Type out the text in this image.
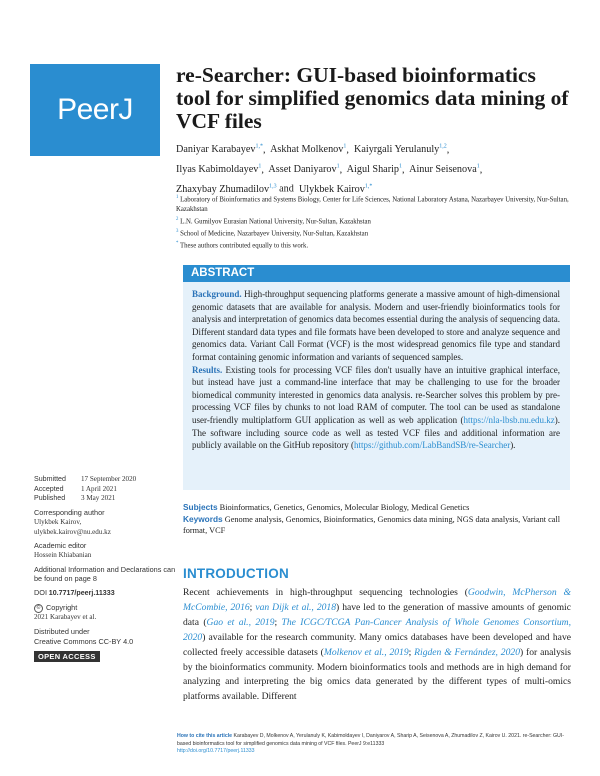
PeerJ
re-Searcher: GUI-based bioinformatics tool for simplified genomics data mining of VCF files
Daniyar Karabayev$^{1,*}$,  Askhat Molkenov$^1$,  Kaiyrgali Yerulanuly$^{1,2}$,
Ilyas Kabimoldayev$^1$,  Asset Daniyarov$^1$,  Aigul Sharip$^1$,  Ainur Seisenova$^1$,
Zhaxybay Zhumadilov$^{1,3}$ and  Ulykbek Kairov$^{1,*}$
$^1$ Laboratory of Bioinformatics and Systems Biology, Center for Life Sciences, National Laboratory Astana, Nazarbayev University, Nur-Sultan, Kazakhstan
$^2$ L.N. Gumilyov Eurasian National University, Nur-Sultan, Kazakhstan
$^3$ School of Medicine, Nazarbayev University, Nur-Sultan, Kazakhstan
* These authors contributed equally to this work.
ABSTRACT

Background. High-throughput sequencing platforms generate a massive amount of high-dimensional genomic datasets that are available for analysis. Modern and user-friendly bioinformatics tools for analysis and interpretation of genomics data becomes essential during the analysis of sequencing data. Different standard data types and file formats have been developed to store and analyze sequence and genomics data. Variant Call Format (VCF) is the most widespread genomics file type and standard format containing genomic information and variants of sequenced samples.

Results. Existing tools for processing VCF files don't usually have an intuitive graphical interface, but instead have just a command-line interface that may be challenging to use for the broader biomedical community interested in genomics data analysis. re-Searcher solves this problem by pre-processing VCF files by chunks to not load RAM of computer. The tool can be used as standalone user-friendly multiplatform GUI application as well as web application (https://nla-lbsb.nu.edu.kz). The software including source code as well as tested VCF files and additional information are publicly available on the GitHub repository (https://github.com/LabBandSB/re-Searcher).

Submitted	17 September 2020
Accepted	1 April 2021
Published	3 May 2021
Corresponding author
Ulykbek Kairov,
ulykbek.kairov@nu.edu.kz
Academic editor
Hossein Khiabanian
Additional Information and Declarations can be found on page 8
DOI 10.7717/peerj.11333
© Copyright
2021 Karabayev et al.
Distributed under
Creative Commons CC-BY 4.0
OPEN ACCESS

Subjects Bioinformatics, Genetics, Genomics, Molecular Biology, Medical Genetics

Keywords Genome analysis, Genomics, Bioinformatics, Genomics data mining, NGS data analysis, Variant call format, VCF

INTRODUCTION
Recent achievements in high-throughput sequencing technologies (Goodwin, McPherson & McCombie, 2016; van Dijk et al., 2018) have led to the generation of massive amounts of genomic data (Gao et al., 2019; The ICGC/TCGA Pan-Cancer Analysis of Whole Genomes Consortium, 2020) available for the research community. Many omics databases have been developed and have collected freely accessible datasets (Molkenov et al., 2019; Rigden & Fernández, 2020) for analysis by the bioinformatics community. Modern bioinformatics tools and methods are in high demand for analyzing and interpreting the big omics data generated by the different types of multi-omics platforms available. Different
How to cite this article Karabayev D, Molkenov A, Yerulanuly K, Kabimoldayev I, Daniyarov A, Sharip A, Seisenova A, Zhumadilov Z, Kairov U. 2021. re-Searcher: GUI-based bioinformatics tool for simplified genomics data mining of VCF files. PeerJ 9:e11333
http://doi.org/10.7717/peerj.11333
